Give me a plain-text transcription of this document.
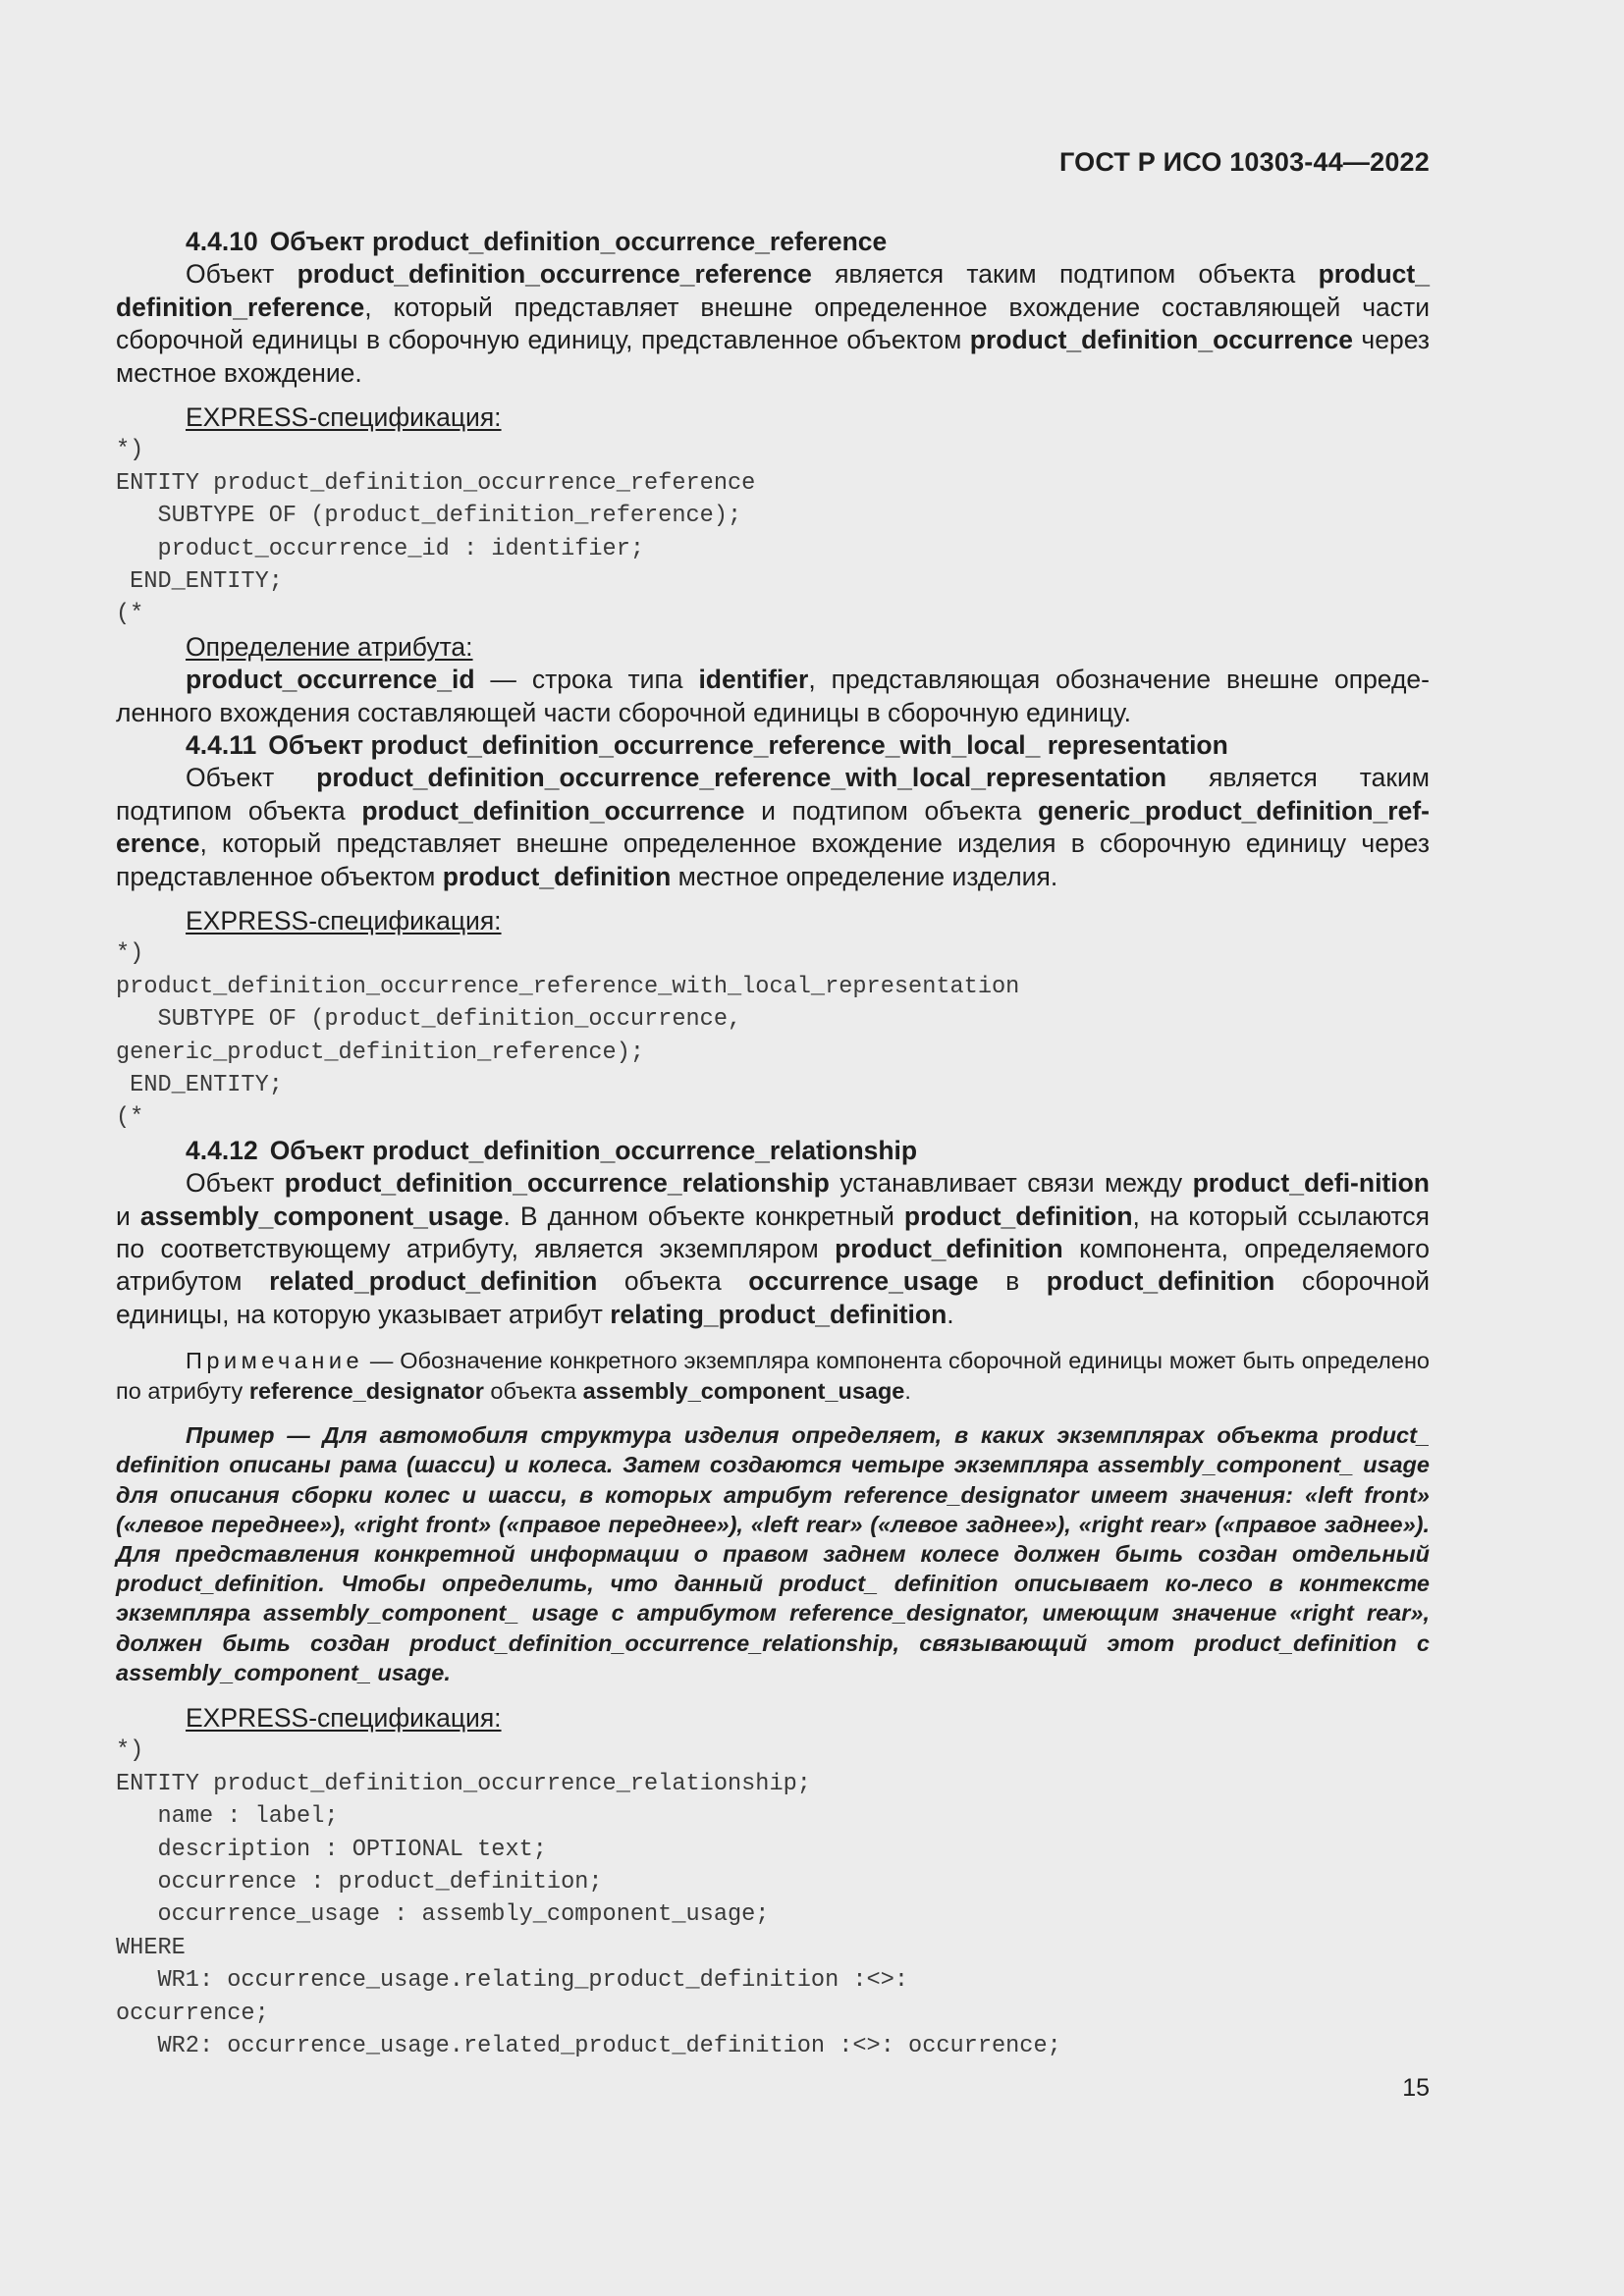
ГОСТ Р ИСО 10303-44—2022
4.4.10 Объект product_definition_occurrence_reference

Объект product_definition_occurrence_reference является таким подтипом объекта product_ definition_reference, который представляет внешне определенное вхождение составляющей части сборочной единицы в сборочную единицу, представленное объектом product_definition_occurrence через местное вхождение.

EXPRESS-спецификация:

*)
ENTITY product_definition_occurrence_reference
SUBTYPE OF (product_definition_reference);
product_occurrence_id : identifier;
END_ENTITY;
(*

Определение атрибута:

product_occurrence_id — строка типа identifier, представляющая обозначение внешне опреде-ленного вхождения составляющей части сборочной единицы в сборочную единицу.

4.4.11 Объект product_definition_occurrence_reference_with_local_ representation

Объект product_definition_occurrence_reference_with_local_representation является таким подтипом объекта product_definition_occurrence и подтипом объекта generic_product_definition_ref-erence, который представляет внешне определенное вхождение изделия в сборочную единицу через представленное объектом product_definition местное определение изделия.

EXPRESS-спецификация:

*)
product_definition_occurrence_reference_with_local_representation
SUBTYPE OF (product_definition_occurrence,
generic_product_definition_reference);
END_ENTITY;
(*
4.4.12 Объект product_definition_occurrence_relationship

Объект product_definition_occurrence_relationship устанавливает связи между product_defi-nition и assembly_component_usage. В данном объекте конкретный product_definition, на который ссылаются по соответствующему атрибуту, является экземпляром product_definition компонента, определяемого атрибутом related_product_definition объекта occurrence_usage в product_definition сборочной единицы, на которую указывает атрибут relating_product_definition.

Примечание — Обозначение конкретного экземпляра компонента сборочной единицы может быть определено по атрибуту reference_designator объекта assembly_component_usage.

Пример — Для автомобиля структура изделия определяет, в каких экземплярах объекта product_ definition описаны рама (шасси) и колеса. Затем создаются четыре экземпляра assembly_component_ usage для описания сборки колес и шасси, в которых атрибут reference_designator имеет значения: «left front» («левое переднее»), «right front» («правое переднее»), «left rear» («левое заднее»), «right rear» («правое заднее»). Для представления конкретной информации о правом заднем колесе должен быть создан отдельный product_definition. Чтобы определить, что данный product_ definition описывает ко-лесо в контексте экземпляра assembly_component_ usage с атрибутом reference_designator, имеющим значение «right rear», должен быть создан product_definition_occurrence_relationship, связывающий этот product_definition с assembly_component_ usage.

EXPRESS-спецификация:

*)
ENTITY product_definition_occurrence_relationship;
name : label;
description : OPTIONAL text;
occurrence : product_definition;
occurrence_usage : assembly_component_usage;
WHERE
WR1: occurrence_usage.relating_product_definition :<>:
occurrence;
WR2: occurrence_usage.related_product_definition :<>: occurrence;
15
